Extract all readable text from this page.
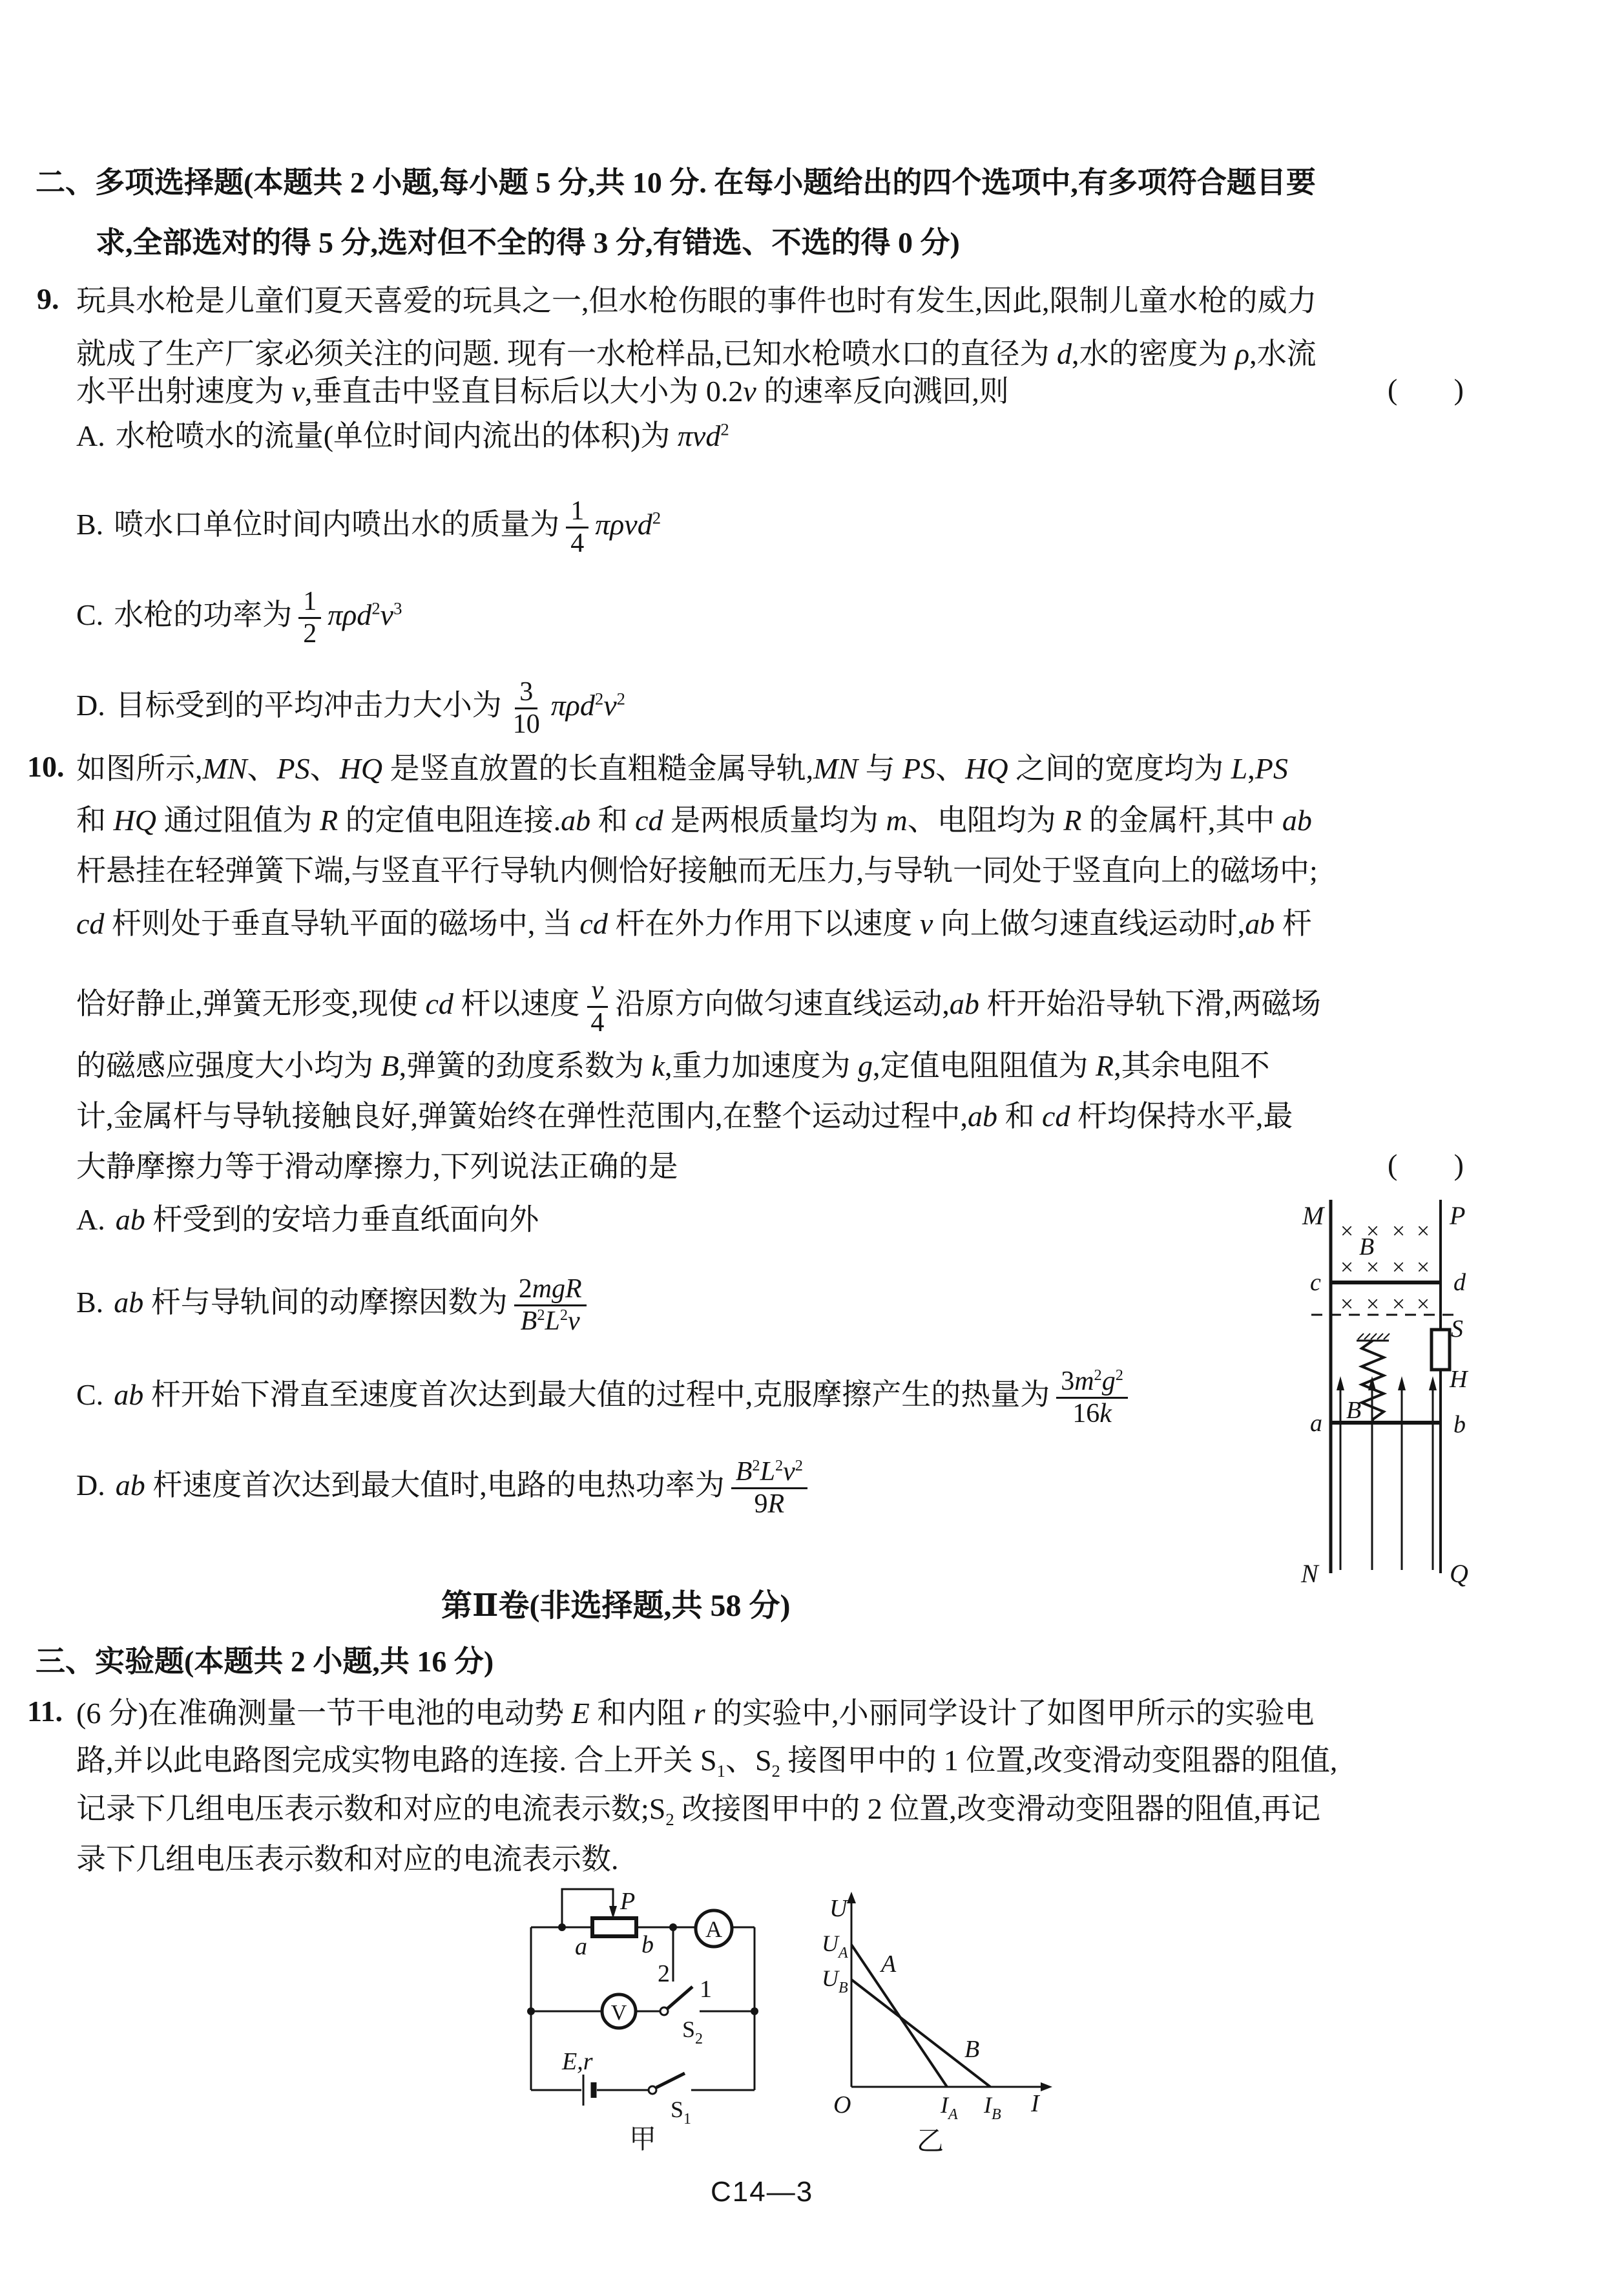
二、多项选择题(本题共 2 小题,每小题 5 分,共 10 分. 在每小题给出的四个选项中,有多项符合题目要
求,全部选对的得 5 分,选对但不全的得 3 分,有错选、不选的得 0 分)
9. 玩具水枪是儿童们夏天喜爱的玩具之一,但水枪伤眼的事件也时有发生,因此,限制儿童水枪的威力
就成了生产厂家必须关注的问题. 现有一水枪样品,已知水枪喷水口的直径为 d,水的密度为 ρ,水流
水平出射速度为 v,垂直击中竖直目标后以大小为 0.2v 的速率反向溅回,则	( )
A. 水枪喷水的流量(单位时间内流出的体积)为 πvd$^2$
B. 喷水口单位时间内喷出水的质量为 $\frac{1}{4} \pi\rho vd^2$
C. 水枪的功率为 $\frac{1}{2} \pi\rho d^2v^3$
D. 目标受到的平均冲击力大小为 $\frac{3}{10} \pi\rho d^2v^2$
10. 如图所示,MN、PS、HQ 是竖直放置的长直粗糙金属导轨,MN 与 PS、HQ 之间的宽度均为 L,PS
和 HQ 通过阻值为 R 的定值电阻连接.ab 和 cd 是两根质量均为 m、电阻均为 R 的金属杆,其中 ab
杆悬挂在轻弹簧下端,与竖直平行导轨内侧恰好接触而无压力,与导轨一同处于竖直向上的磁场中;
cd 杆则处于垂直导轨平面的磁场中, 当 cd 杆在外力作用下以速度 v 向上做匀速直线运动时,ab 杆
恰好静止,弹簧无形变,现使 cd 杆以速度 $\frac{v}{4}$ 沿原方向做匀速直线运动,ab 杆开始沿导轨下滑,两磁场
的磁感应强度大小均为 B,弹簧的劲度系数为 k,重力加速度为 g,定值电阻阻值为 R,其余电阻不
计,金属杆与导轨接触良好,弹簧始终在弹性范围内,在整个运动过程中,ab 和 cd 杆均保持水平,最
大静摩擦力等于滑动摩擦力,下列说法正确的是	( )
A. ab 杆受到的安培力垂直纸面向外
B. ab 杆与导轨间的动摩擦因数为 $\frac{\text{2mgR}}{B^2L^2v}$
C. ab 杆开始下滑直至速度首次达到最大值的过程中,克服摩擦产生的热量为 $\frac{3m^2g^2}{16k}$
D. ab 杆速度首次达到最大值时,电路的电热功率为 $\frac{B^2L^2v^2}{9R}$
M	P
N	Q
× × × ×
× × × ×
× × × ×
B
c	d
S
H
B
a	b
第Ⅱ卷(非选择题,共 58 分)
三、实验题(本题共 2 小题,共 16 分)
11. (6 分)在准确测量一节干电池的电动势 E 和内阻 r 的实验中,小丽同学设计了如图甲所示的实验电
路,并以此电路图完成实物电路的连接. 合上开关 $S_1$、$S_2$ 接图甲中的 1 位置,改变滑动变阻器的阻值,
记录下几组电压表示数和对应的电流表示数$;S_2$ 改接图甲中的 2 位置,改变滑动变阻器的阻值,再记
录下几组电压表示数和对应的电流表示数.
P
a b
A
2
V
1
$S_2$
E,r
$S_1$
甲
U
$U_A$
$U_B$
A
B
O	$I_A$ $I_B$ I
乙
C14—3
